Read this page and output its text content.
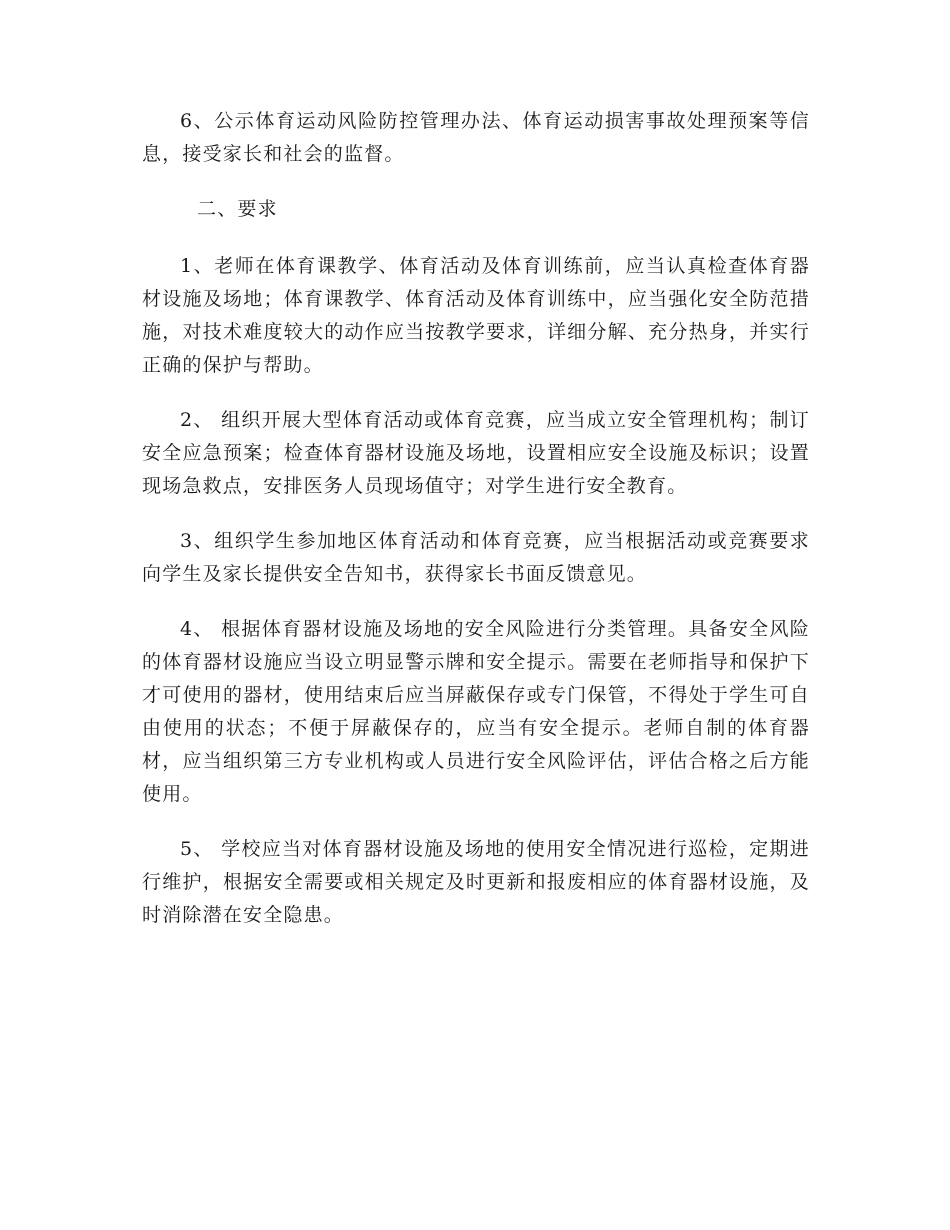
6、公示体育运动风险防控管理办法、体育运动损害事故处理预案等信息，接受家长和社会的监督。

二、要求

1、老师在体育课教学、体育活动及体育训练前，应当认真检查体育器材设施及场地；体育课教学、体育活动及体育训练中，应当强化安全防范措施，对技术难度较大的动作应当按教学要求，详细分解、充分热身，并实行正确的保护与帮助。

2、 组织开展大型体育活动或体育竞赛，应当成立安全管理机构；制订安全应急预案；检查体育器材设施及场地，设置相应安全设施及标识；设置现场急救点，安排医务人员现场值守；对学生进行安全教育。

3、组织学生参加地区体育活动和体育竞赛，应当根据活动或竞赛要求向学生及家长提供安全告知书，获得家长书面反馈意见。

4、 根据体育器材设施及场地的安全风险进行分类管理。具备安全风险的体育器材设施应当设立明显警示牌和安全提示。需要在老师指导和保护下才可使用的器材，使用结束后应当屏蔽保存或专门保管，不得处于学生可自由使用的状态；不便于屏蔽保存的，应当有安全提示。老师自制的体育器材，应当组织第三方专业机构或人员进行安全风险评估，评估合格之后方能使用。

5、 学校应当对体育器材设施及场地的使用安全情况进行巡检，定期进行维护，根据安全需要或相关规定及时更新和报废相应的体育器材设施，及时消除潜在安全隐患。
